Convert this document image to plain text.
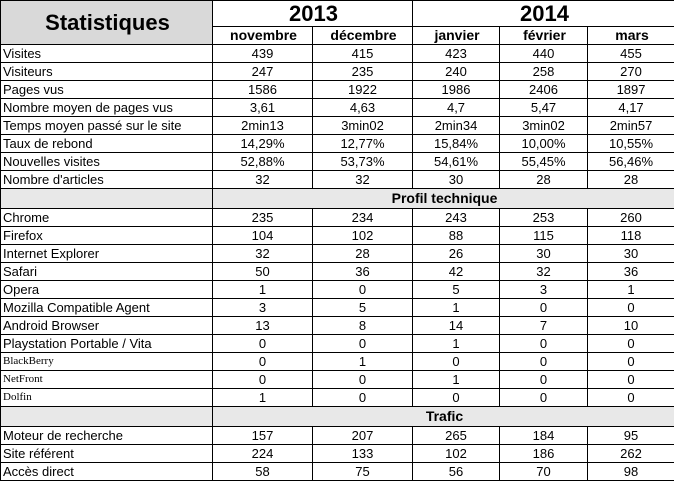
Statistiques	2013		2014		
	novembre	décembre	janvier	février	mars
Visites	439	415	423	440	455
Visiteurs	247	235	240	258	270
Pages vus	1586	1922	1986	2406	1897
Nombre moyen de pages vus	3,61	4,63	4,7	5,47	4,17
Temps moyen passé sur le site	2min13	3min02	2min34	3min02	2min57
Taux de rebond	14,29%	12,77%	15,84%	10,00%	10,55%
Nouvelles visites	52,88%	53,73%	54,61%	55,45%	56,46%
Nombre d'articles	32	32	30	28	28
	Profil technique				
Chrome	235	234	243	253	260
Firefox	104	102	88	115	118
Internet Explorer	32	28	26	30	30
Safari	50	36	42	32	36
Opera	1	0	5	3	1
Mozilla Compatible Agent	3	5	1	0	0
Android Browser	13	8	14	7	10
Playstation Portable / Vita	0	0	1	0	0
BlackBerry	0	1	0	0	0
NetFront	0	0	1	0	0
Dolfin	1	0	0	0	0
	Trafic				
Moteur de recherche	157	207	265	184	95
Site référent	224	133	102	186	262
Accès direct	58	75	56	70	98
